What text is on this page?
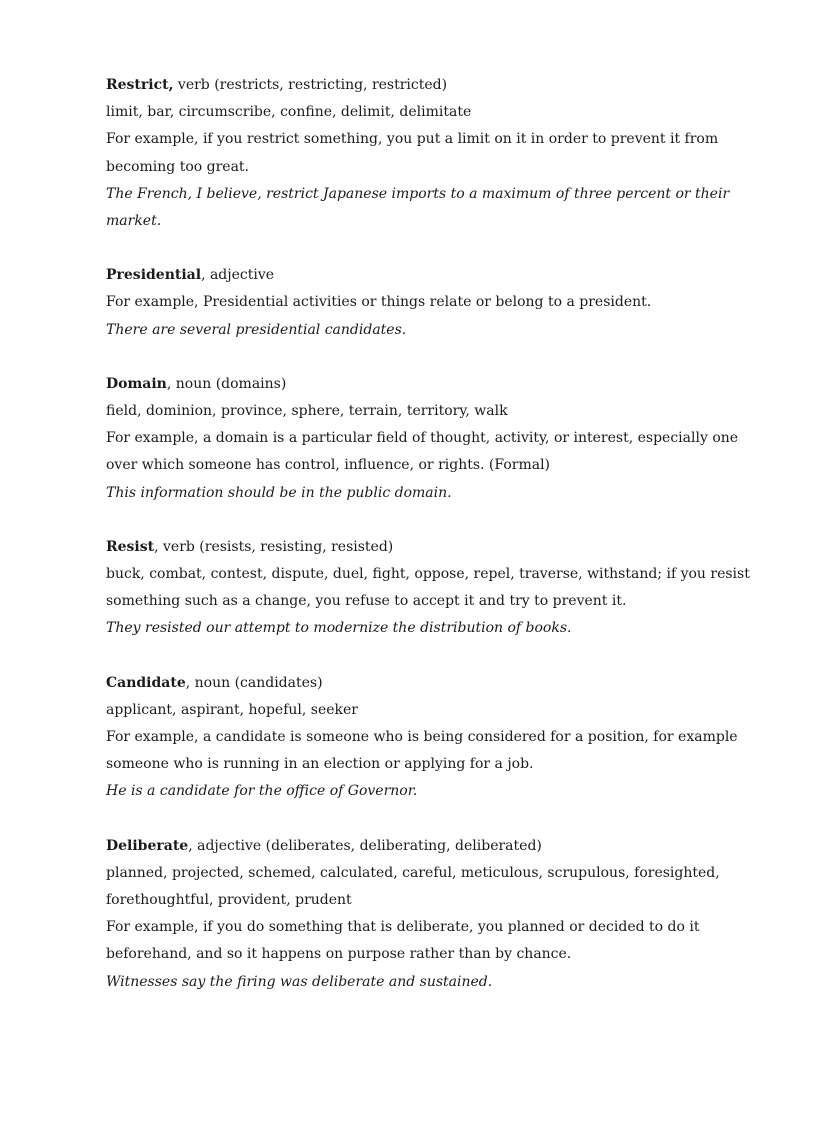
Restrict, verb (restricts, restricting, restricted)
limit, bar, circumscribe, confine, delimit, delimitate
For example, if you restrict something, you put a limit on it in order to prevent it from
becoming too great.
The French, I believe, restrict Japanese imports to a maximum of three percent or their
market.
Presidential, adjective
For example, Presidential activities or things relate or belong to a president.
There are several presidential candidates.
Domain, noun (domains)
field, dominion, province, sphere, terrain, territory, walk
For example, a domain is a particular field of thought, activity, or interest, especially one
over which someone has control, influence, or rights. (Formal)
This information should be in the public domain.
Resist, verb (resists, resisting, resisted)
buck, combat, contest, dispute, duel, fight, oppose, repel, traverse, withstand; if you resist
something such as a change, you refuse to accept it and try to prevent it.
They resisted our attempt to modernize the distribution of books.
Candidate, noun (candidates)
applicant, aspirant, hopeful, seeker
For example, a candidate is someone who is being considered for a position, for example
someone who is running in an election or applying for a job.
He is a candidate for the office of Governor.
Deliberate, adjective (deliberates, deliberating, deliberated)
planned, projected, schemed, calculated, careful, meticulous, scrupulous, foresighted,
forethoughtful, provident, prudent
For example, if you do something that is deliberate, you planned or decided to do it
beforehand, and so it happens on purpose rather than by chance.
Witnesses say the firing was deliberate and sustained.
